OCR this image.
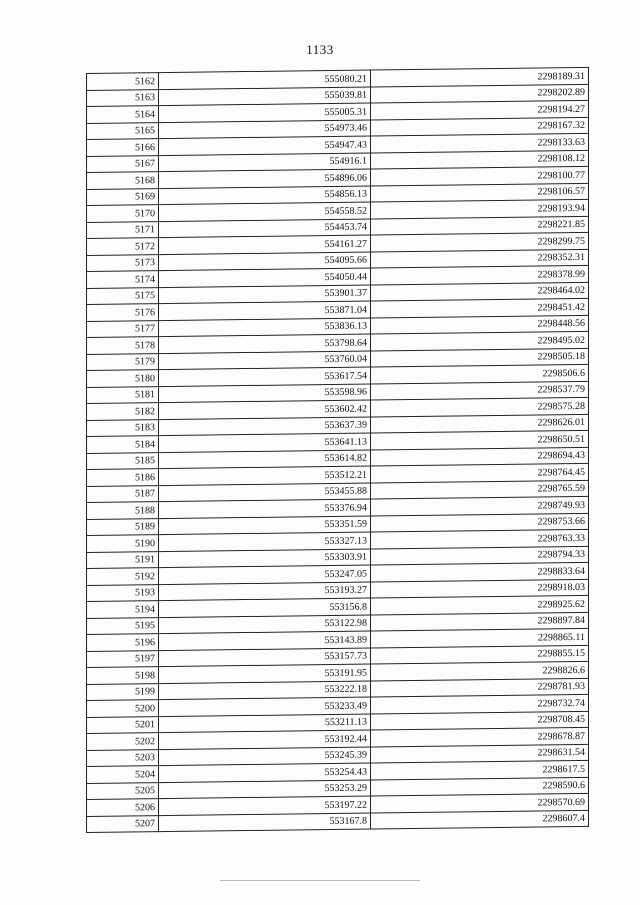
1133
5162	555080.21	2298189.31
5163	555039.81	2298202.89
5164	555005.31	2298194.27
5165	554973.46	2298167.32
5166	554947.43	2298133.63
5167	554916.1	2298108.12
5168	554896.06	2298100.77
5169	554856.13	2298106.57
5170	554558.52	2298193.94
5171	554453.74	2298221.85
5172	554161.27	2298299.75
5173	554095.66	2298352.31
5174	554050.44	2298378.99
5175	553901.37	2298464.02
5176	553871.04	2298451.42
5177	553836.13	2298448.56
5178	553798.64	2298495.02
5179	553760.04	2298505.18
5180	553617.54	2298506.6
5181	553598.96	2298537.79
5182	553602.42	2298575.28
5183	553637.39	2298626.01
5184	553641.13	2298650.51
5185	553614.82	2298694.43
5186	553512.21	2298764.45
5187	553455.88	2298765.59
5188	553376.94	2298749.93
5189	553351.59	2298753.66
5190	553327.13	2298763.33
5191	553303.91	2298794.33
5192	553247.05	2298833.64
5193	553193.27	2298918.03
5194	553156.8	2298925.62
5195	553122.98	2298897.84
5196	553143.89	2298865.11
5197	553157.73	2298855.15
5198	553191.95	2298826.6
5199	553222.18	2298781.93
5200	553233.49	2298732.74
5201	553211.13	2298708.45
5202	553192.44	2298678.87
5203	553245.39	2298631.54
5204	553254.43	2298617.5
5205	553253.29	2298590.6
5206	553197.22	2298570.69
5207	553167.8	2298607.4
